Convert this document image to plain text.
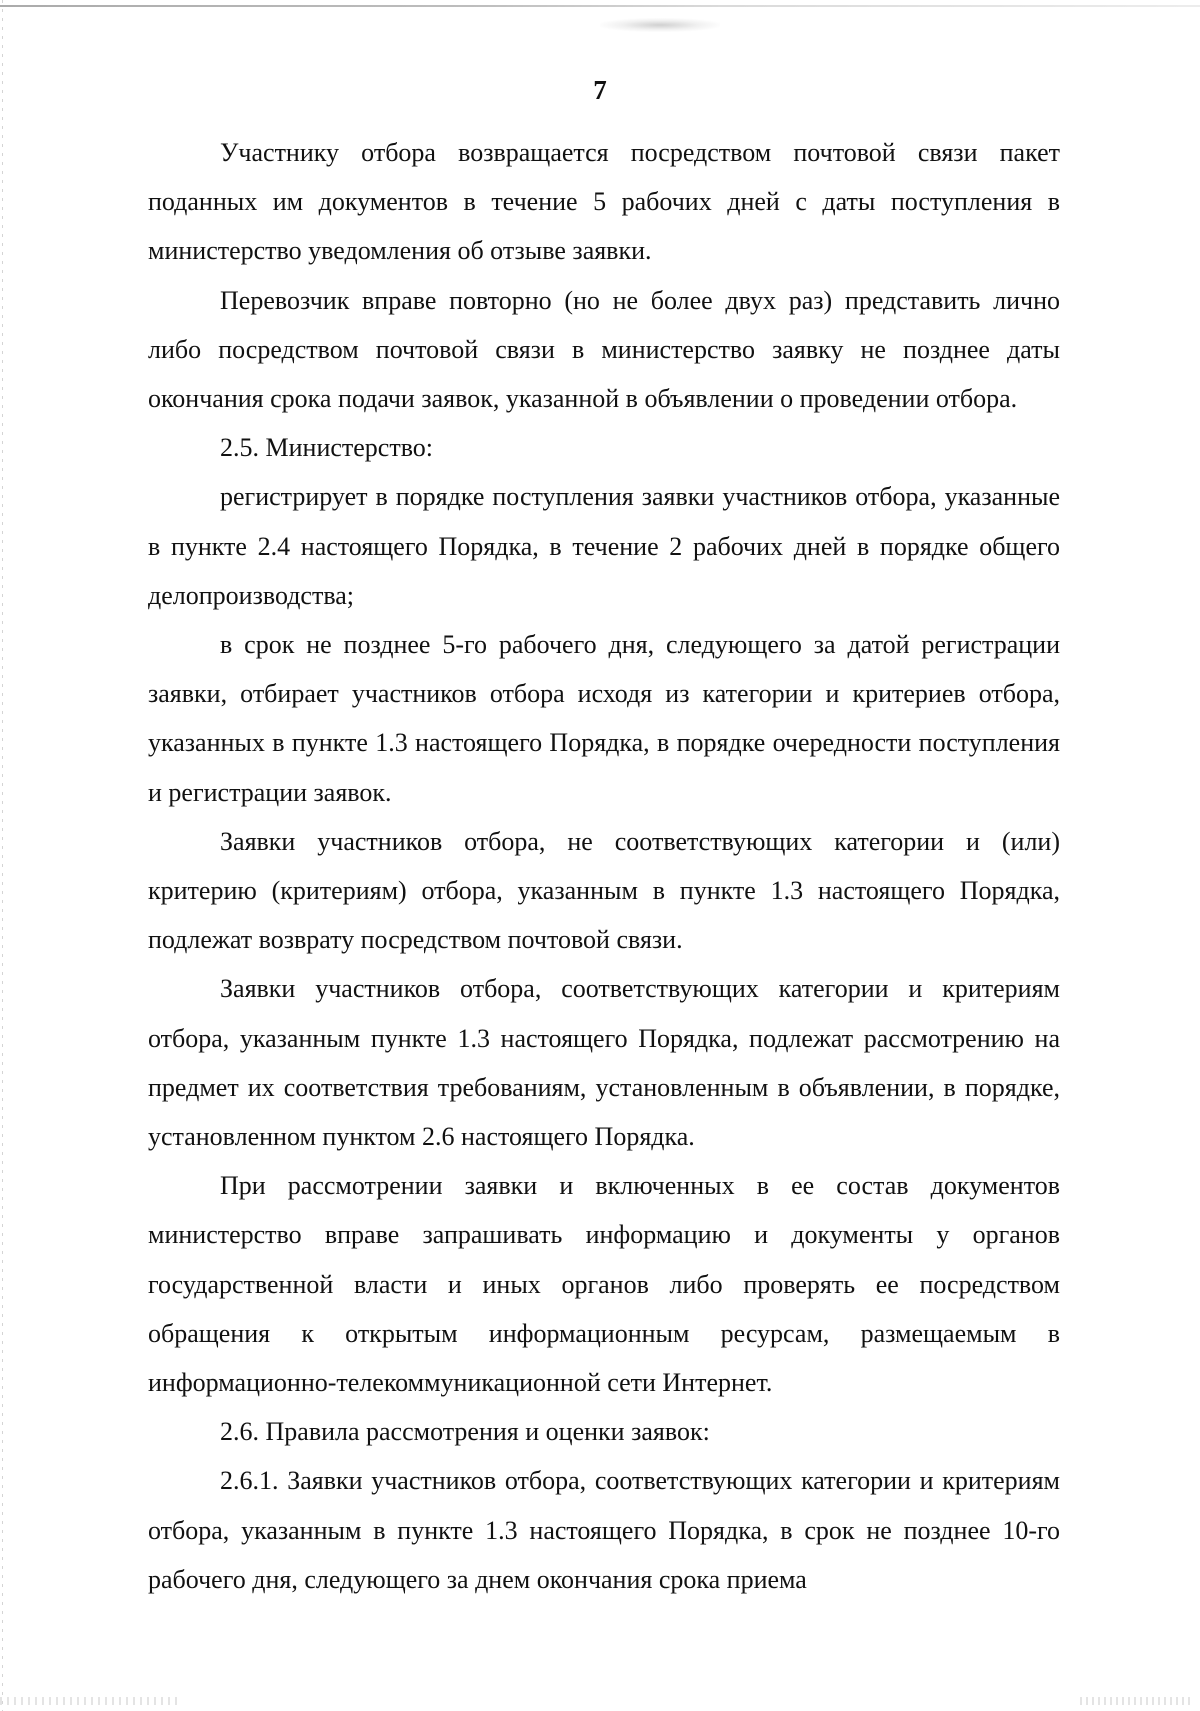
7

Участнику отбора возвращается посредством почтовой связи пакет поданных им документов в течение 5 рабочих дней с даты поступления в министерство уведомления об отзыве заявки.

Перевозчик вправе повторно (но не более двух раз) представить лично либо посредством почтовой связи в министерство заявку не позднее даты окончания срока подачи заявок, указанной в объявлении о проведении отбора.

2.5. Министерство:

регистрирует в порядке поступления заявки участников отбора, указанные в пункте 2.4 настоящего Порядка, в течение 2 рабочих дней в порядке общего делопроизводства;

в срок не позднее 5-го рабочего дня, следующего за датой регистрации заявки, отбирает участников отбора исходя из категории и критериев отбора, указанных в пункте 1.3 настоящего Порядка, в порядке очередности поступления и регистрации заявок.

Заявки участников отбора, не соответствующих категории и (или) критерию (критериям) отбора, указанным в пункте 1.3 настоящего Порядка, подлежат возврату посредством почтовой связи.

Заявки участников отбора, соответствующих категории и критериям отбора, указанным пункте 1.3 настоящего Порядка, подлежат рассмотрению на предмет их соответствия требованиям, установленным в объявлении, в порядке, установленном пунктом 2.6 настоящего Порядка.

При рассмотрении заявки и включенных в ее состав документов министерство вправе запрашивать информацию и документы у органов государственной власти и иных органов либо проверять ее посредством обращения к открытым информационным ресурсам, размещаемым в информационно-телекоммуникационной сети Интернет.

2.6. Правила рассмотрения и оценки заявок:

2.6.1. Заявки участников отбора, соответствующих категории и критериям отбора, указанным в пункте 1.3 настоящего Порядка, в срок не позднее 10-го рабочего дня, следующего за днем окончания срока приема
